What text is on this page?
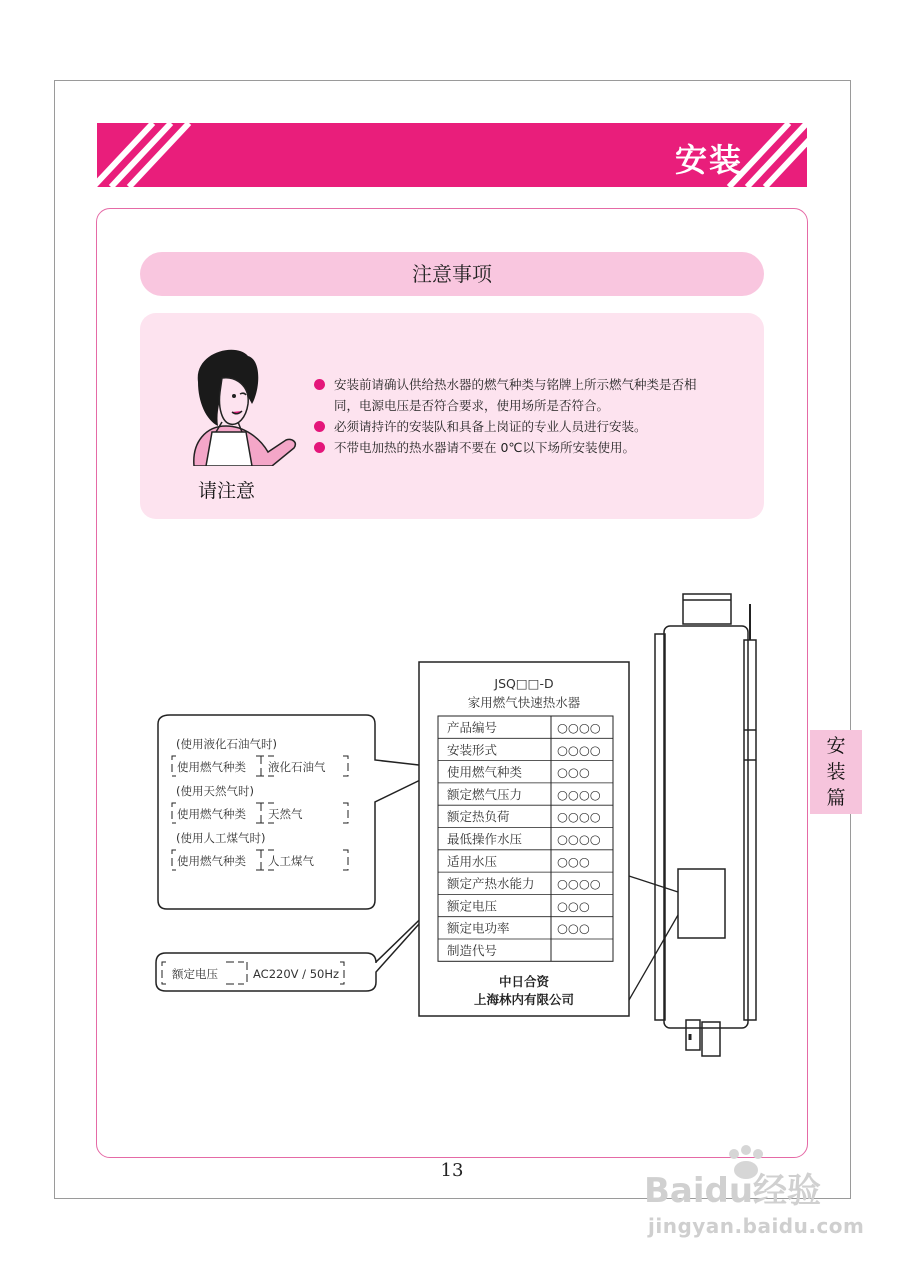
安装
注意事项
请注意
安装前请确认供给热水器的燃气种类与铭牌上所示燃气种类是否相
同，电源电压是否符合要求，使用场所是否符合。
必须请持许的安装队和具备上岗证的专业人员进行安装。
不带电加热的热水器请不要在 0℃以下场所安装使用。
安
装
篇
JSQ□□-D
家用燃气快速热水器
产品编号	○○○○
安装形式	○○○○
使用燃气种类	○○○
额定燃气压力	○○○○
额定热负荷	○○○○
最低操作水压	○○○○
适用水压	○○○
额定产热水能力 ○○○○
额定电压	○○○
额定电功率	○○○
制造代号
中日合资
上海林内有限公司
(使用液化石油气时)
使用燃气种类 液化石油气
(使用天然气时)
使用燃气种类 天然气
(使用人工煤气时)
使用燃气种类 人工煤气
额定电压	AC220V / 50Hz
13
Baidu经验
jingyan.baidu.com
